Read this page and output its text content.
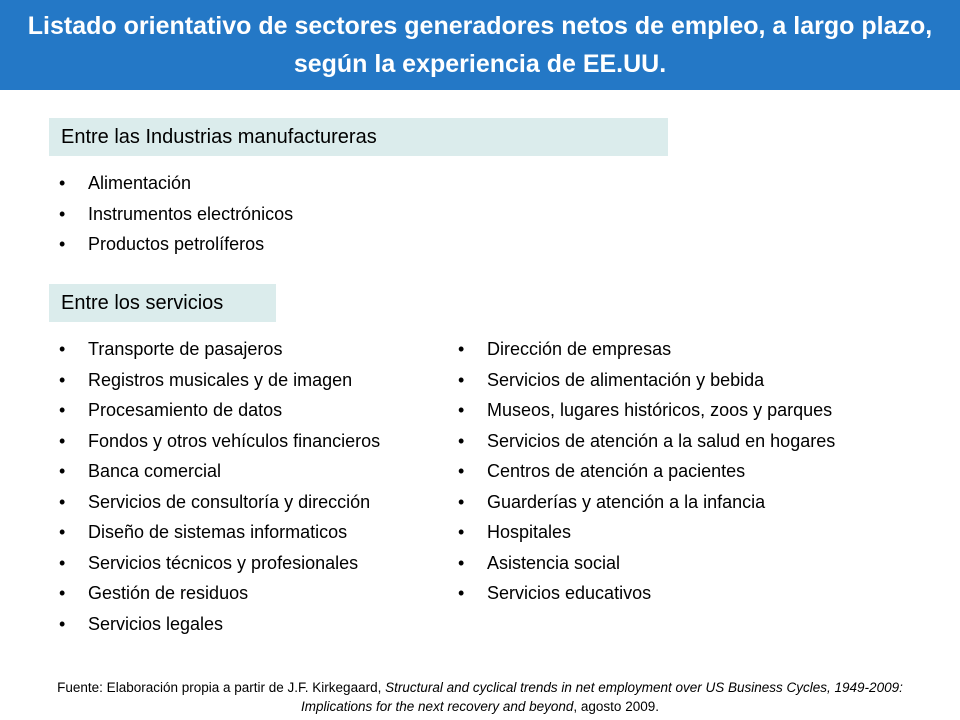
Listado orientativo de sectores generadores netos de empleo, a largo plazo, según la experiencia de EE.UU.
Entre las Industrias manufactureras
• Alimentación
• Instrumentos electrónicos
• Productos petrolíferos
Entre los servicios
• Transporte de pasajeros
• Registros musicales y de imagen
• Procesamiento de datos
• Fondos y otros vehículos financieros
• Banca comercial
• Servicios de consultoría y dirección
• Diseño de sistemas informaticos
• Servicios técnicos y profesionales
• Gestión de residuos
• Servicios legales
• Dirección de empresas
• Servicios de alimentación y bebida
• Museos, lugares históricos, zoos y parques
• Servicios de atención a la salud en hogares
• Centros de atención a pacientes
• Guarderías y atención a la infancia
• Hospitales
• Asistencia social
• Servicios educativos

Fuente: Elaboración propia a partir de J.F. Kirkegaard, Structural and cyclical trends in net employment over US Business Cycles, 1949-2009: Implications for the next recovery and beyond, agosto 2009.
